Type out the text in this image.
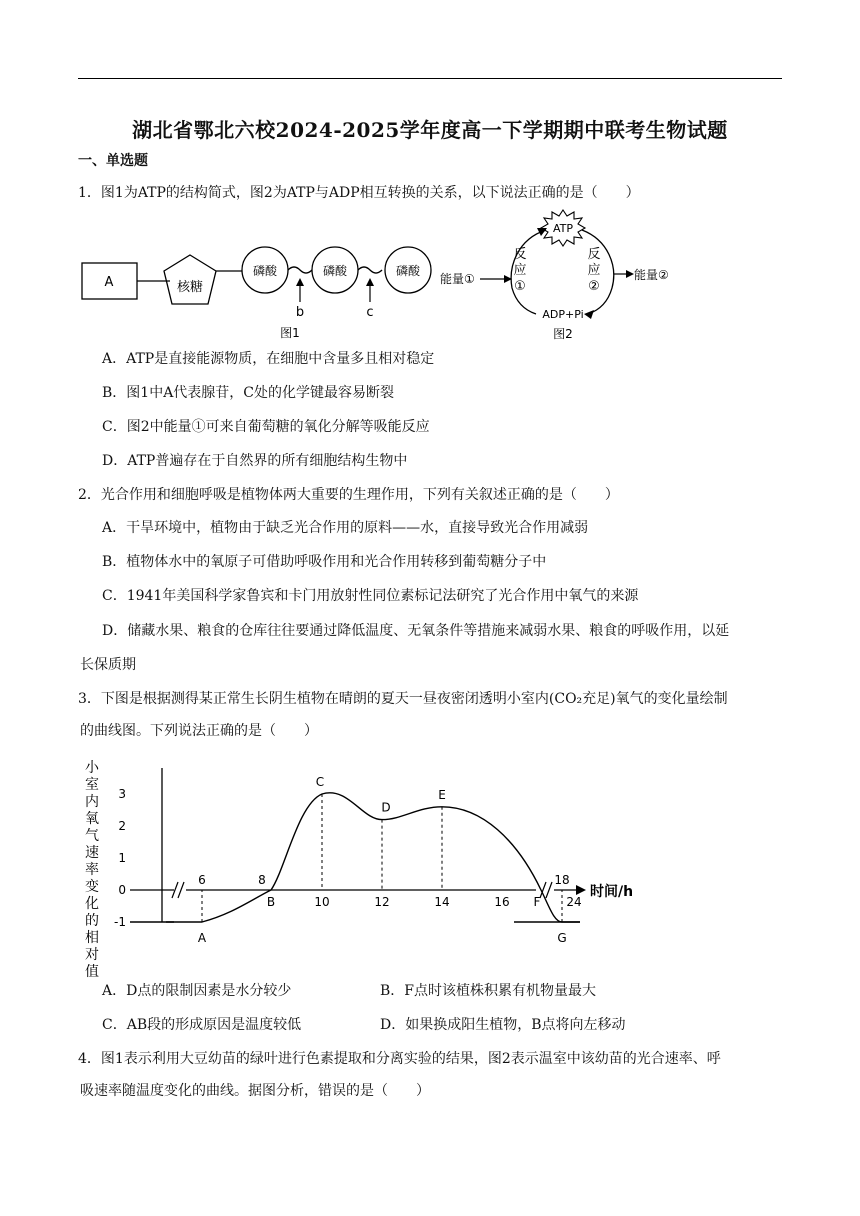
湖北省鄂北六校2024-2025学年度高一下学期期中联考生物试题
一、单选题
1．图1为ATP的结构简式，图2为ATP与ADP相互转换的关系，以下说法正确的是（　　）
A	核糖
磷酸	磷酸	磷酸
b	c
图1
ATP
反
应
①
反
应
②
能量①	能量②
ADP+Pi
图2
A．ATP是直接能源物质，在细胞中含量多且相对稳定
B．图1中A代表腺苷，C处的化学键最容易断裂
C．图2中能量①可来自葡萄糖的氧化分解等吸能反应
D．ATP普遍存在于自然界的所有细胞结构生物中
2．光合作用和细胞呼吸是植物体两大重要的生理作用，下列有关叙述正确的是（　　）
A．干旱环境中，植物由于缺乏光合作用的原料——水，直接导致光合作用减弱
B．植物体水中的氧原子可借助呼吸作用和光合作用转移到葡萄糖分子中
C．1941年美国科学家鲁宾和卡门用放射性同位素标记法研究了光合作用中氧气的来源
D．储藏水果、粮食的仓库往往要通过降低温度、无氧条件等措施来减弱水果、粮食的呼吸作用，以延
长保质期
3．下图是根据测得某正常生长阴生植物在晴朗的夏天一昼夜密闭透明小室内(CO₂充足)氧气的变化量绘制
的曲线图。下列说法正确的是（　　）
小
室
内
氧
气
速
率
变
化
的
相
对
值
3
2
1
0
-1
6	8
10	12	14	16
18
24
A
B
C
D
E
F
G
时间/h
A．D点的限制因素是水分较少	B．F点时该植株积累有机物量最大
C．AB段的形成原因是温度较低	D．如果换成阳生植物，B点将向左移动
4．图1表示利用大豆幼苗的绿叶进行色素提取和分离实验的结果，图2表示温室中该幼苗的光合速率、呼
吸速率随温度变化的曲线。据图分析，错误的是（　　）
